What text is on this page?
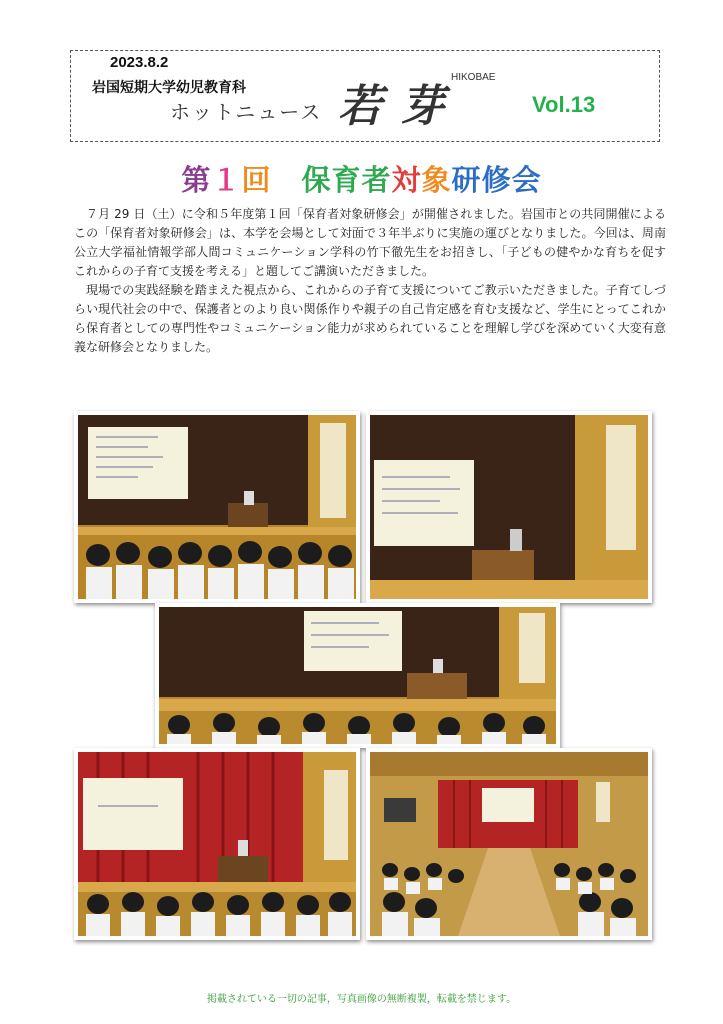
2023.8.2
岩国短期大学幼児教育科
ホットニュース 若芽
HIKOBAE
Vol.13
第１回　 保育者対象研修会

７月 29 日（土）に令和５年度第１回「保育者対象研修会」が開催されました。岩国市との共同開催によるこの「保育者対象研修会」は、本学を会場として対面で３年半ぶりに実施の運びとなりました。今回は、周南公立大学福祉情報学部人間コミュニケーション学科の竹下徹先生をお招きし、「子どもの健やかな育ちを促すこれからの子育て支援を考える」と題してご講演いただきました。

現場での実践経験を踏まえた視点から、これからの子育て支援についてご教示いただきました。子育てしづらい現代社会の中で、保護者とのより良い関係作りや親子の自己肯定感を育む支援など、学生にとってこれから保育者としての専門性やコミュニケーション能力が求められていることを理解し学びを深めていく大変有意義な研修会となりました。

掲載されている一切の記事，写真画像の無断複製，転載を禁じます。
